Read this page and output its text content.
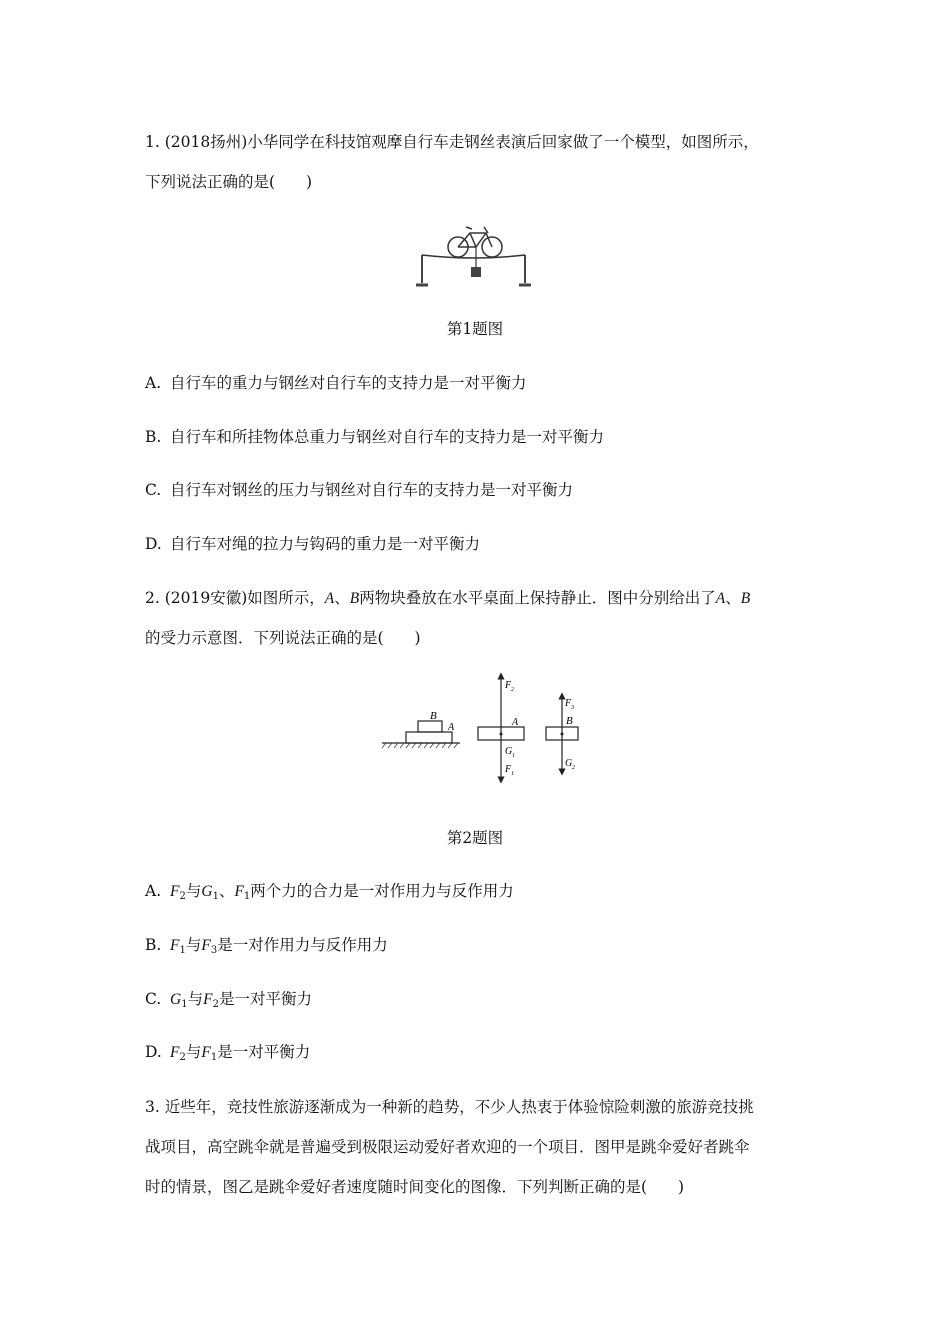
1. (2018扬州)小华同学在科技馆观摩自行车走钢丝表演后回家做了一个模型，如图所示，
下列说法正确的是(　　)
第1题图
A. 自行车的重力与钢丝对自行车的支持力是一对平衡力
B. 自行车和所挂物体总重力与钢丝对自行车的支持力是一对平衡力
C. 自行车对钢丝的压力与钢丝对自行车的支持力是一对平衡力
D. 自行车对绳的拉力与钩码的重力是一对平衡力
2. (2019安徽)如图所示，A、B两物块叠放在水平桌面上保持静止．图中分别给出了A、B
的受力示意图．下列说法正确的是(　　)
B
A
F 2
A
G 1
F 1
F 3
B
G 2
第2题图
A. $F_2$与$G_1$、$F_1$两个力的合力是一对作用力与反作用力
B. $F_1$与$F_3$是一对作用力与反作用力
C. $G_1$与$F_2$是一对平衡力
D. $F_2$与$F_1$是一对平衡力
3. 近些年，竞技性旅游逐渐成为一种新的趋势，不少人热衷于体验惊险刺激的旅游竞技挑
战项目，高空跳伞就是普遍受到极限运动爱好者欢迎的一个项目．图甲是跳伞爱好者跳伞
时的情景，图乙是跳伞爱好者速度随时间变化的图像．下列判断正确的是(　　)
